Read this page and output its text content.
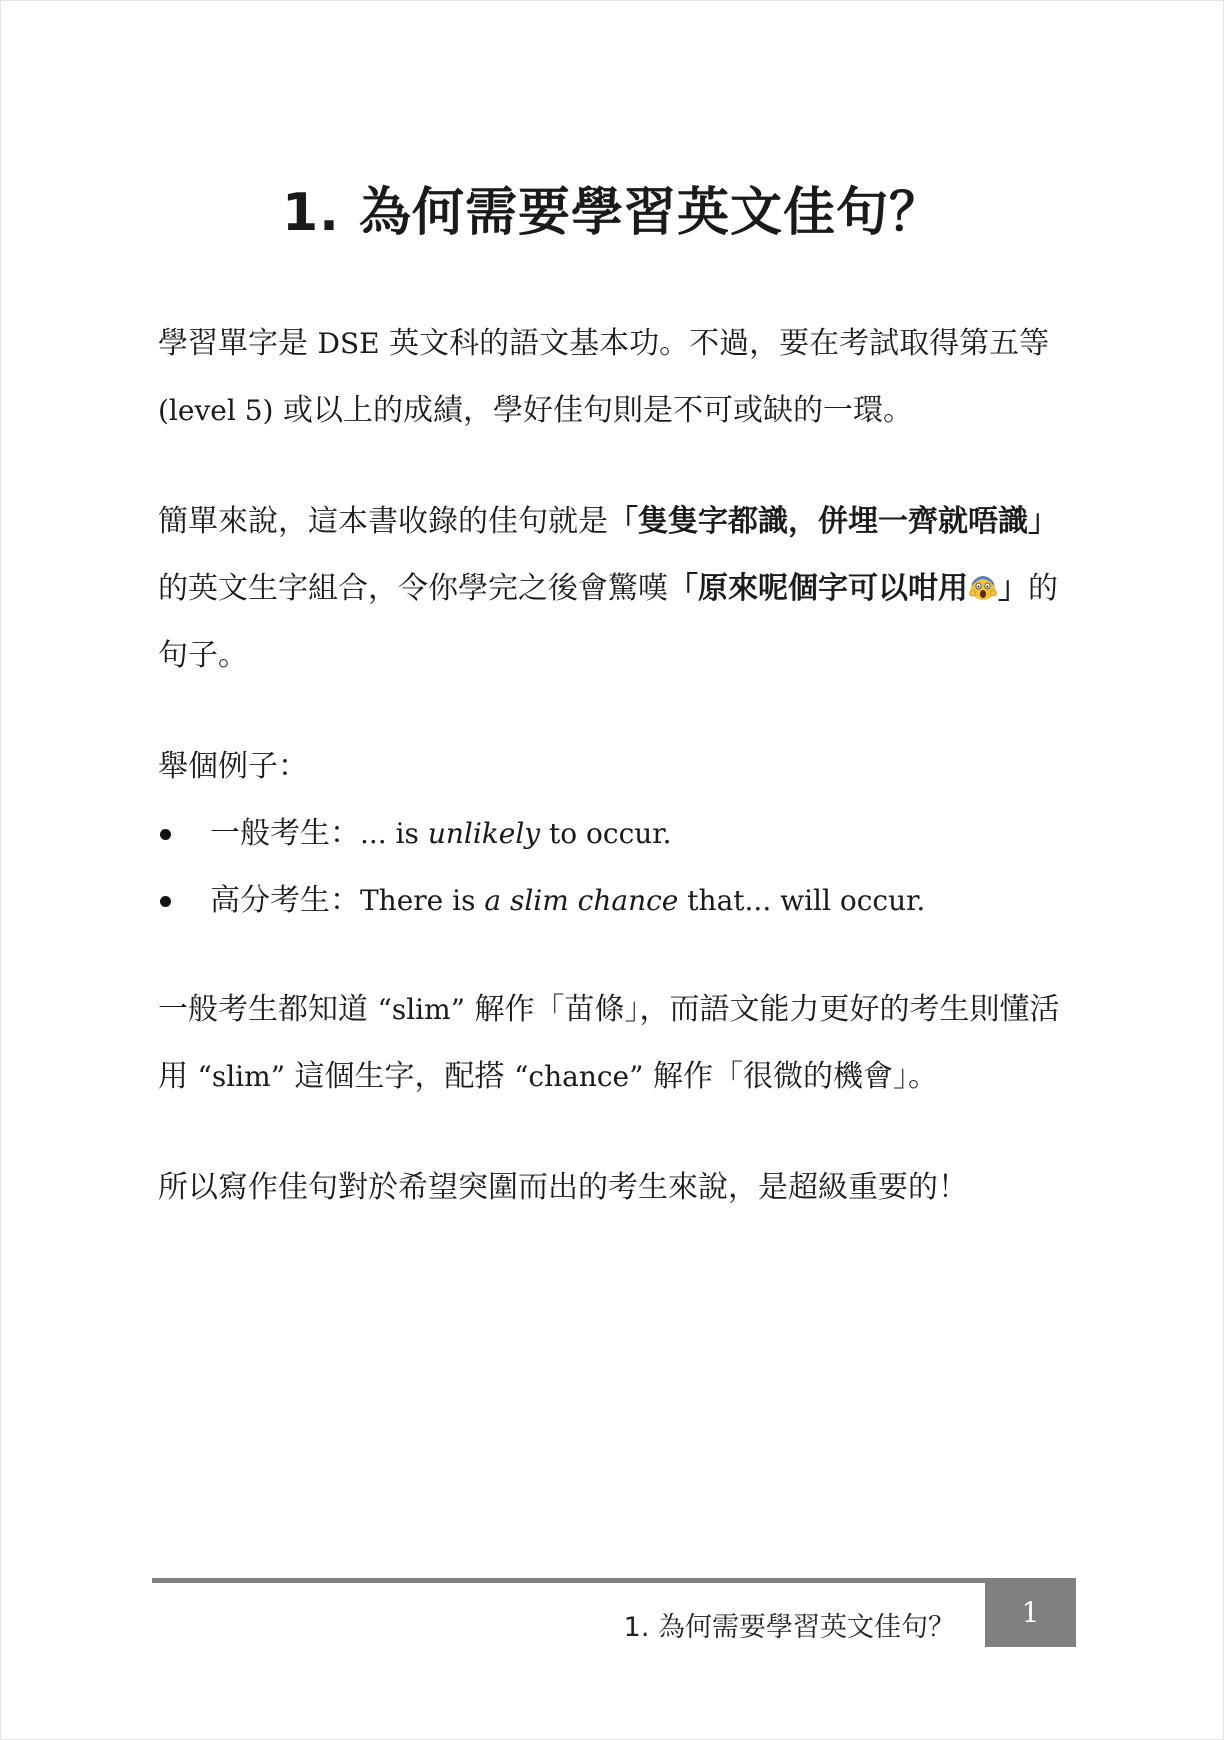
1. 為何需要學習英文佳句？

學習單字是 DSE 英文科的語文基本功。不過，要在考試取得第五等 (level 5) 或以上的成績，學好佳句則是不可或缺的一環。

簡單來說，這本書收錄的佳句就是「隻隻字都識，併埋一齊就唔識」的英文生字組合，令你學完之後會驚嘆「原來呢個字可以咁用 」的句子。

舉個例子：

一般考生：... is unlikely to occur.
高分考生：There is a slim chance that... will occur.

一般考生都知道 “slim” 解作「苗條」，而語文能力更好的考生則懂活用 “slim” 這個生字，配搭 “chance” 解作「很微的機會」。

所以寫作佳句對於希望突圍而出的考生來說，是超級重要的！

1. 為何需要學習英文佳句？	1
